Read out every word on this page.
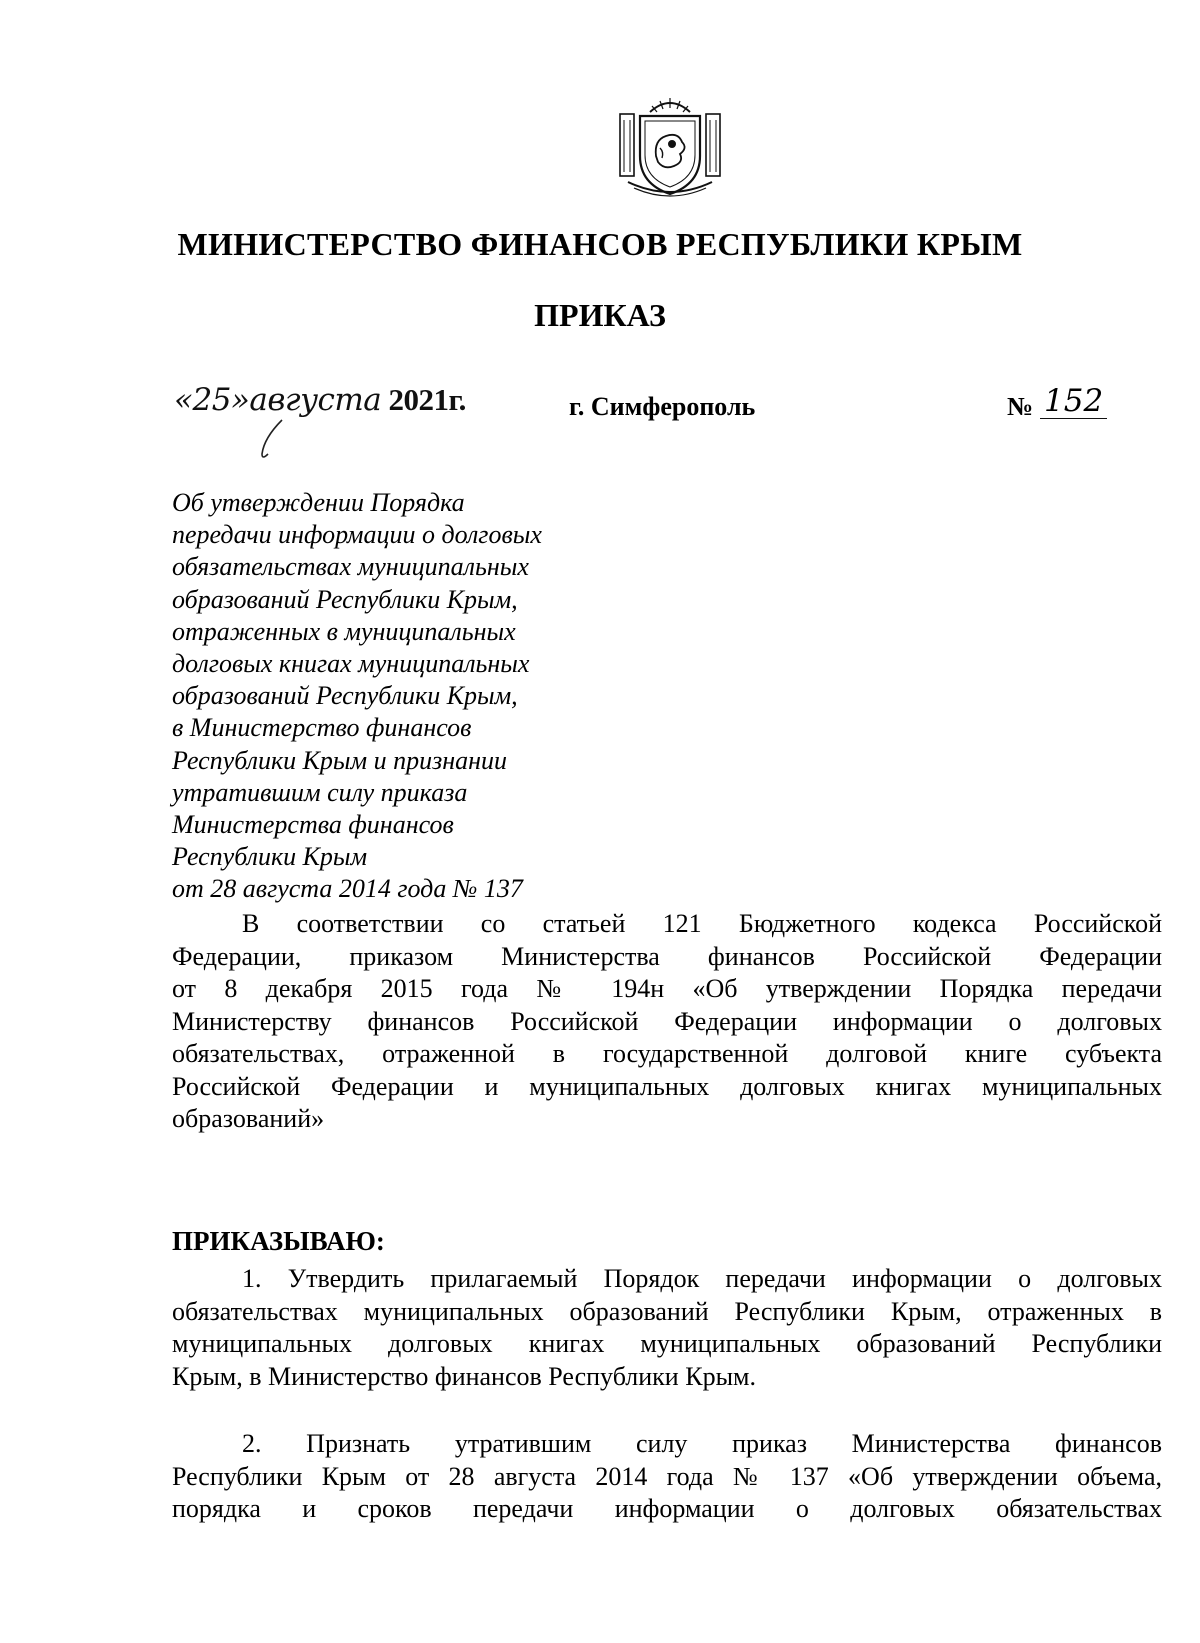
МИНИСТЕРСТВО ФИНАНСОВ РЕСПУБЛИКИ КРЫМ
ПРИКАЗ
«25»августа 2021г.	г. Симферополь	№ 152
Об утверждении Порядка
передачи информации о долговых
обязательствах муниципальных
образований Республики Крым,
отраженных в муниципальных
долговых книгах муниципальных
образований Республики Крым,
в Министерство финансов
Республики Крым и признании
утратившим силу приказа
Министерства финансов
Республики Крым
от 28 августа 2014 года № 137
В соответствии со статьей 121 Бюджетного кодекса Российской
Федерации, приказом Министерства финансов Российской Федерации
от 8 декабря 2015 года № 194н «Об утверждении Порядка передачи
Министерству финансов Российской Федерации информации о долговых
обязательствах, отраженной в государственной долговой книге субъекта
Российской Федерации и муниципальных долговых книгах муниципальных
образований»
ПРИКАЗЫВАЮ:
1. Утвердить прилагаемый Порядок передачи информации о долговых
обязательствах муниципальных образований Республики Крым, отраженных в
муниципальных долговых книгах муниципальных образований Республики
Крым, в Министерство финансов Республики Крым.
2. Признать утратившим силу приказ Министерства финансов
Республики Крым от 28 августа 2014 года № 137 «Об утверждении объема,
порядка и сроков передачи информации о долговых обязательствах
